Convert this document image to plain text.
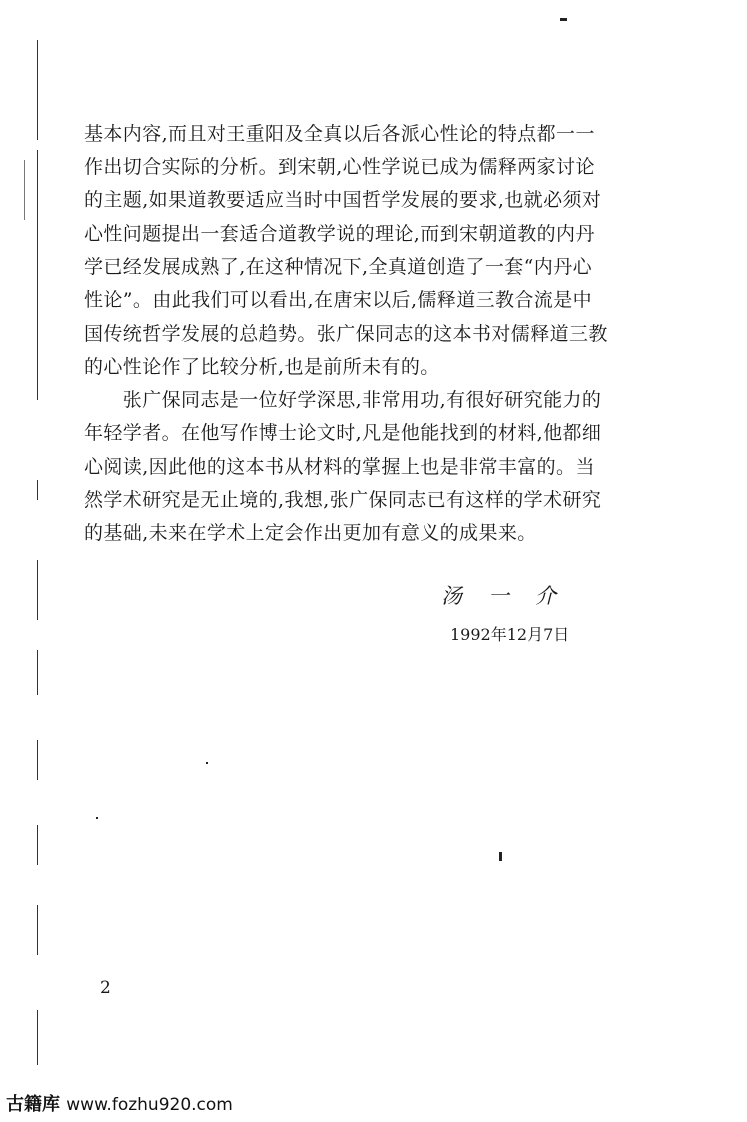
基本内容,而且对王重阳及全真以后各派心性论的特点都一一
作出切合实际的分析。到宋朝,心性学说已成为儒释两家讨论
的主题,如果道教要适应当时中国哲学发展的要求,也就必须对
心性问题提出一套适合道教学说的理论,而到宋朝道教的内丹
学已经发展成熟了,在这种情况下,全真道创造了一套“内丹心
性论”。由此我们可以看出,在唐宋以后,儒释道三教合流是中
国传统哲学发展的总趋势。张广保同志的这本书对儒释道三教
的心性论作了比较分析,也是前所未有的。
　　张广保同志是一位好学深思,非常用功,有很好研究能力的
年轻学者。在他写作博士论文时,凡是他能找到的材料,他都细
心阅读,因此他的这本书从材料的掌握上也是非常丰富的。当
然学术研究是无止境的,我想,张广保同志已有这样的学术研究
的基础,未来在学术上定会作出更加有意义的成果来。
汤一介
1992年12月7日
2
古籍库 www.fozhu920.com
